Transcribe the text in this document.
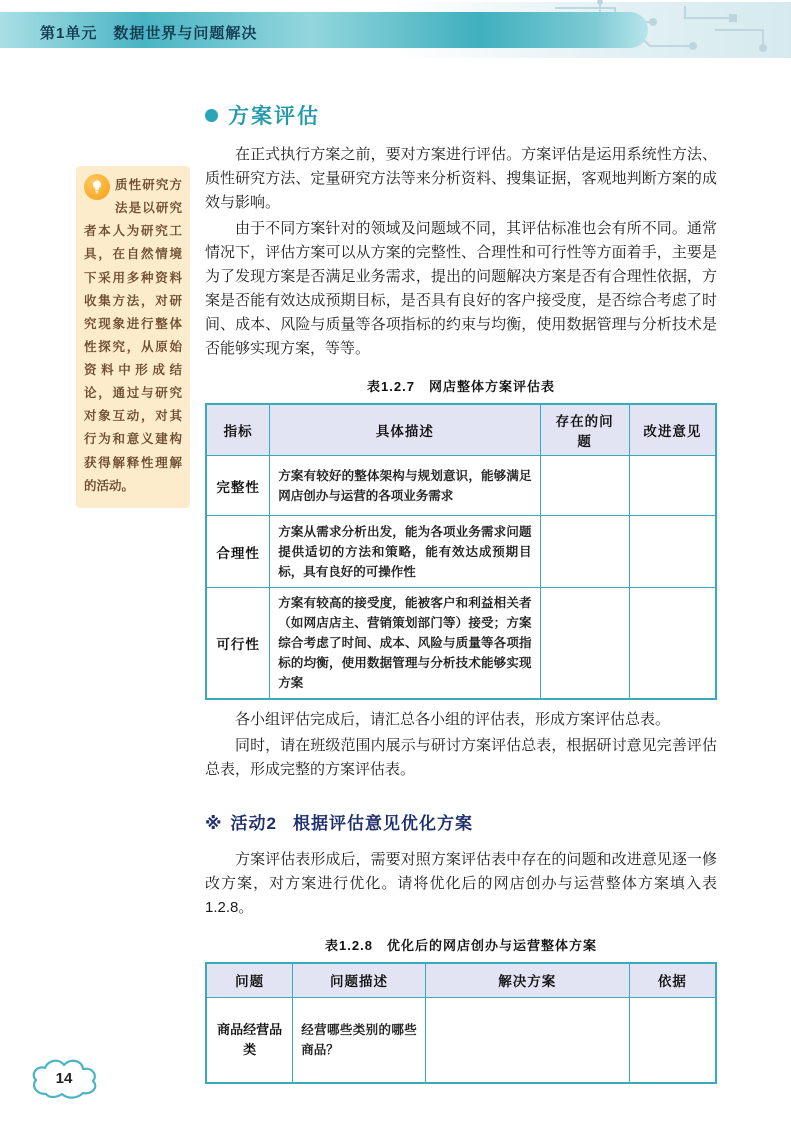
第1单元　数据世界与问题解决
质性研究方法是以研究者本人为研究工具，在自然情境下采用多种资料收集方法，对研究现象进行整体性探究，从原始资料中形成结论，通过与研究对象互动，对其行为和意义建构获得解释性理解的活动。
方案评估

在正式执行方案之前，要对方案进行评估。方案评估是运用系统性方法、质性研究方法、定量研究方法等来分析资料、搜集证据，客观地判断方案的成效与影响。

由于不同方案针对的领域及问题域不同，其评估标准也会有所不同。通常情况下，评估方案可以从方案的完整性、合理性和可行性等方面着手，主要是为了发现方案是否满足业务需求，提出的问题解决方案是否有合理性依据，方案是否能有效达成预期目标，是否具有良好的客户接受度，是否综合考虑了时间、成本、风险与质量等各项指标的约束与均衡，使用数据管理与分析技术是否能够实现方案，等等。

表1.2.7　网店整体方案评估表
指标	具体描述	存在的问题	改进意见
完整性	方案有较好的整体架构与规划意识，能够满足网店创办与运营的各项业务需求		
合理性	方案从需求分析出发，能为各项业务需求问题提供适切的方法和策略，能有效达成预期目标，具有良好的可操作性		
可行性	方案有较高的接受度，能被客户和利益相关者（如网店店主、营销策划部门等）接受；方案综合考虑了时间、成本、风险与质量等各项指标的均衡，使用数据管理与分析技术能够实现方案		

各小组评估完成后，请汇总各小组的评估表，形成方案评估总表。

同时，请在班级范围内展示与研讨方案评估总表，根据研讨意见完善评估总表，形成完整的方案评估表。

※ 活动2 根据评估意见优化方案

方案评估表形成后，需要对照方案评估表中存在的问题和改进意见逐一修改方案，对方案进行优化。请将优化后的网店创办与运营整体方案填入表1.2.8。

表1.2.8　优化后的网店创办与运营整体方案
问题	问题描述	解决方案	依据
商品经营品类	经营哪些类别的哪些商品？		
14
